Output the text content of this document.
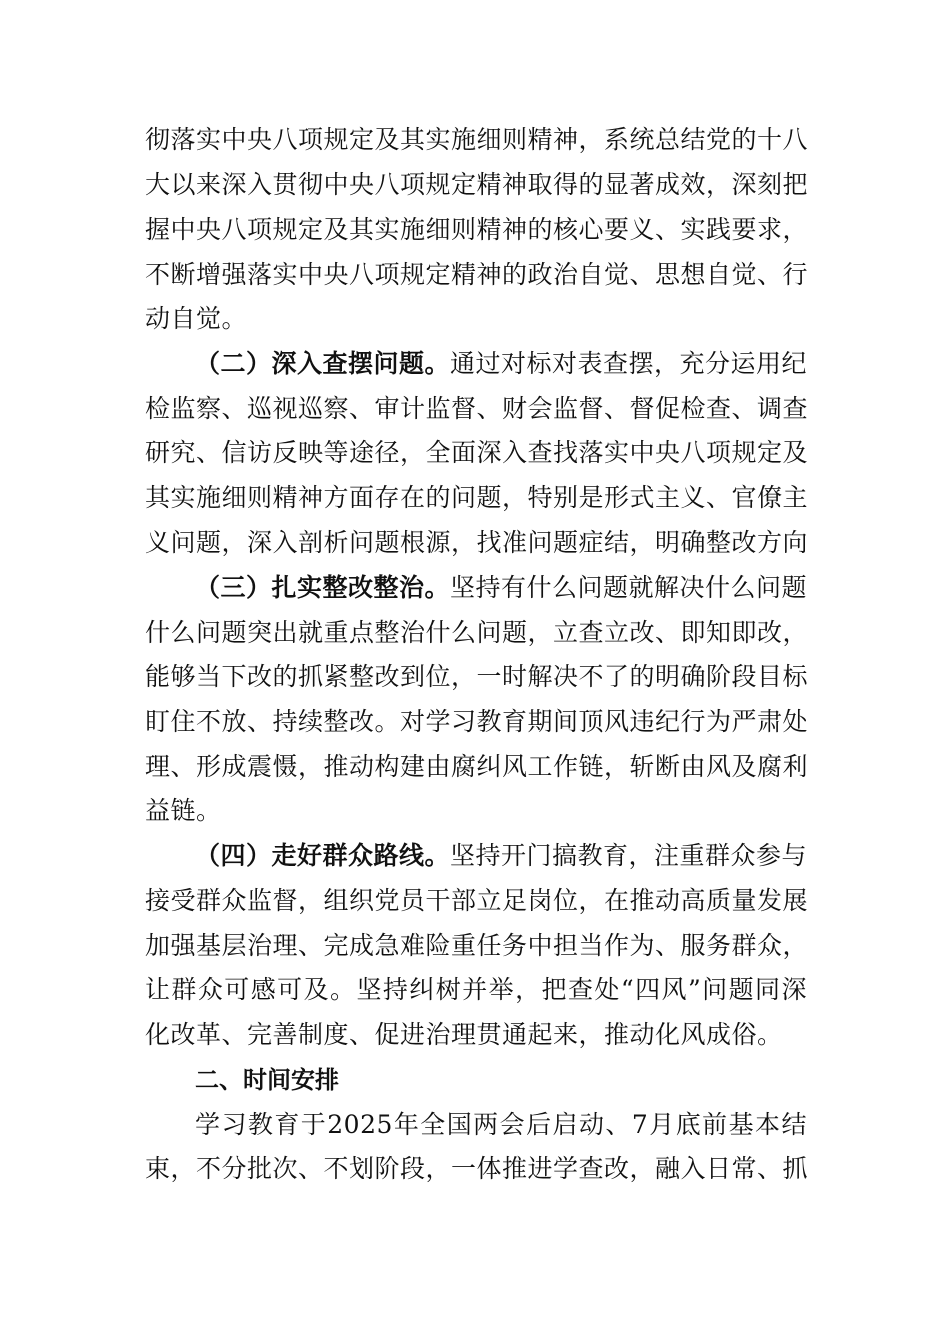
彻落实中央八项规定及其实施细则精神，系统总结党的十八
大以来深入贯彻中央八项规定精神取得的显著成效，深刻把
握中央八项规定及其实施细则精神的核心要义、实践要求，
不断增强落实中央八项规定精神的政治自觉、思想自觉、行
动自觉。
（二）深入查摆问题。通过对标对表查摆，充分运用纪
检监察、巡视巡察、审计监督、财会监督、督促检查、调查
研究、信访反映等途径，全面深入查找落实中央八项规定及
其实施细则精神方面存在的问题，特别是形式主义、官僚主
义问题，深入剖析问题根源，找准问题症结，明确整改方向
（三）扎实整改整治。坚持有什么问题就解决什么问题
什么问题突出就重点整治什么问题，立查立改、即知即改，
能够当下改的抓紧整改到位，一时解决不了的明确阶段目标
盯住不放、持续整改。对学习教育期间顶风违纪行为严肃处
理、形成震慑，推动构建由腐纠风工作链，斩断由风及腐利
益链。
（四）走好群众路线。坚持开门搞教育，注重群众参与
接受群众监督，组织党员干部立足岗位，在推动高质量发展
加强基层治理、完成急难险重任务中担当作为、服务群众，
让群众可感可及。坚持纠树并举，把查处“四风”问题同深
化改革、完善制度、促进治理贯通起来，推动化风成俗。
二、时间安排
学习教育于2025年全国两会后启动、7月底前基本结
束，不分批次、不划阶段，一体推进学查改，融入日常、抓
